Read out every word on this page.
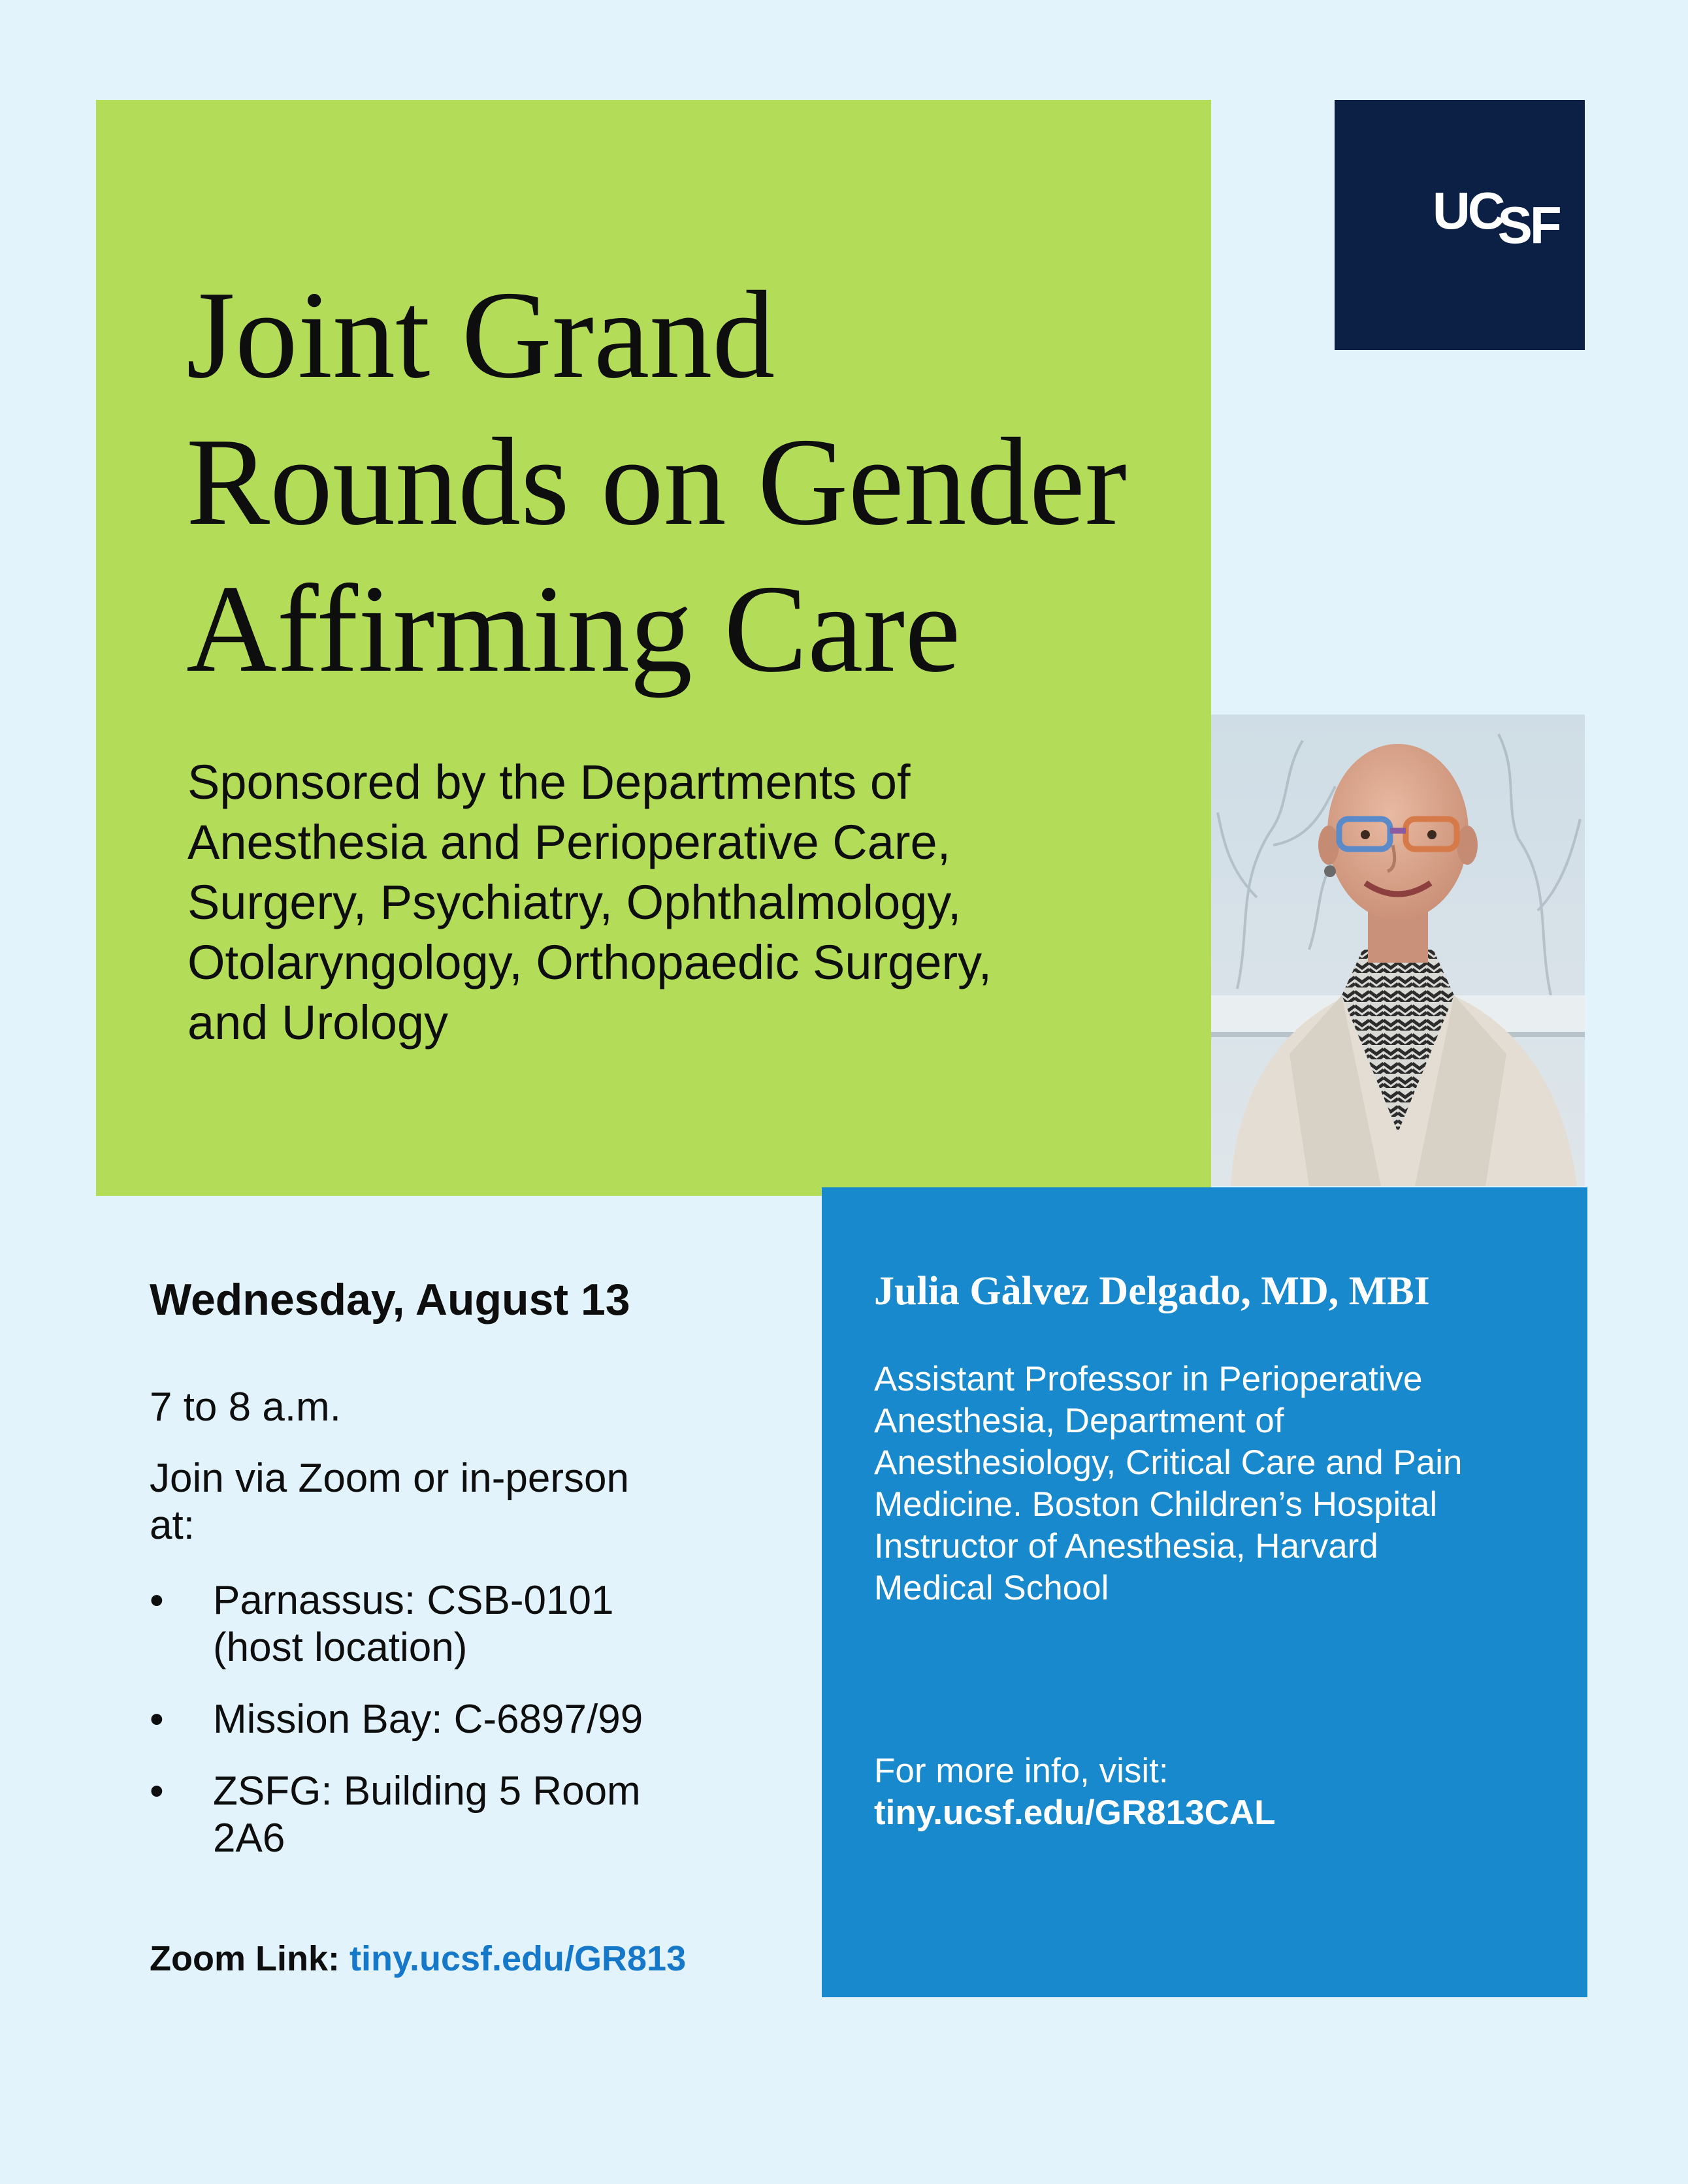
Joint Grand
Rounds on Gender
Affirming Care

Sponsored by the Departments of
Anesthesia and Perioperative Care,
Surgery, Psychiatry, Ophthalmology,
Otolaryngology, Orthopaedic Surgery,
and Urology

UCSF

Julia Gàlvez Delgado, MD, MBI

Assistant Professor in Perioperative
Anesthesia, Department of
Anesthesiology, Critical Care and Pain
Medicine. Boston Children’s Hospital
Instructor of Anesthesia, Harvard
Medical School

For more info, visit:

tiny.ucsf.edu/GR813CAL

Wednesday, August 13

7 to 8 a.m.

Join via Zoom or in-person
at:

• Parnassus: CSB-0101
(host location)
• Mission Bay: C-6897/99
• ZSFG: Building 5 Room
2A6

Zoom Link: tiny.ucsf.edu/GR813
